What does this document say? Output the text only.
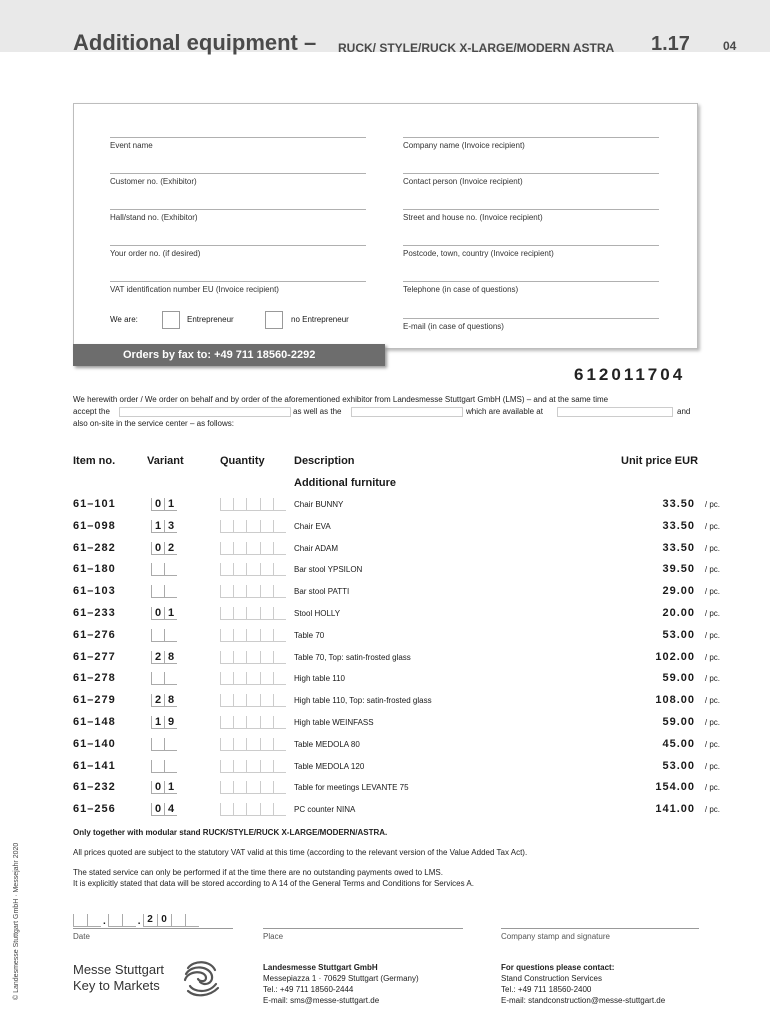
Additional equipment – RUCK/ STYLE/RUCK X-LARGE/MODERN ASTRA	1.17	04
Event name	Company name (Invoice recipient)
Customer no. (Exhibitor)	Contact person (Invoice recipient)
Hall/stand no. (Exhibitor)	Street and house no. (Invoice recipient)
Your order no. (if desired)	Postcode, town, country (Invoice recipient)
VAT identification number EU (Invoice recipient)	Telephone (in case of questions)
We are:	Entrepreneur	no Entrepreneur
E-mail (in case of questions)
Orders by fax to: +49 711 18560-2292
612011704
We herewith order / We order on behalf and by order of the aforementioned exhibitor from Landesmesse Stuttgart GmbH (LMS) – and at the same time
accept the	as well as the	which are available at	and
also on-site in the service center – as follows:
Item no.	Variant	Quantity	Description	Unit price EUR
Additional furniture
61–101	0 1	Chair BUNNY	33.50 / pc.
61–098	1 3	Chair EVA	33.50 / pc.
61–282	0 2	Chair ADAM	33.50 / pc.
61–180	Bar stool YPSILON	39.50 / pc.
61–103	Bar stool PATTI	29.00 / pc.
61–233	0 1	Stool HOLLY	20.00 / pc.
61–276	Table 70	53.00 / pc.
61–277	2 8	Table 70, Top: satin-frosted glass	102.00 / pc.
61–278	High table 110	59.00 / pc.
61–279	2 8	High table 110, Top: satin-frosted glass	108.00 / pc.
61–148	1 9	High table WEINFASS	59.00 / pc.
61–140	Table MEDOLA 80	45.00 / pc.
61–141	Table MEDOLA 120	53.00 / pc.
61–232	0 1	Table for meetings LEVANTE 75	154.00 / pc.
61–256	0 4	PC counter NINA	141.00 / pc.
Only together with modular stand RUCK/STYLE/RUCK X-LARGE/MODERN/ASTRA.
All prices quoted are subject to the statutory VAT valid at this time (according to the relevant version of the Value Added Tax Act).
The stated service can only be performed if at the time there are no outstanding payments owed to LMS.
It is explicitly stated that data will be stored according to A 14 of the General Terms and Conditions for Services A.
.	. 2 0
Date	Place	Company stamp and signature
© Landesmesse Stuttgart GmbH · Messejahr 2020	Messe Stuttgart
Key to Markets
Landesmesse Stuttgart GmbH
Messepiazza 1 · 70629 Stuttgart (Germany)
Tel.: +49 711 18560-2444
E-mail: sms@messe-stuttgart.de
For questions please contact:
Stand Construction Services
Tel.: +49 711 18560-2400
E-mail: standconstruction@messe-stuttgart.de
